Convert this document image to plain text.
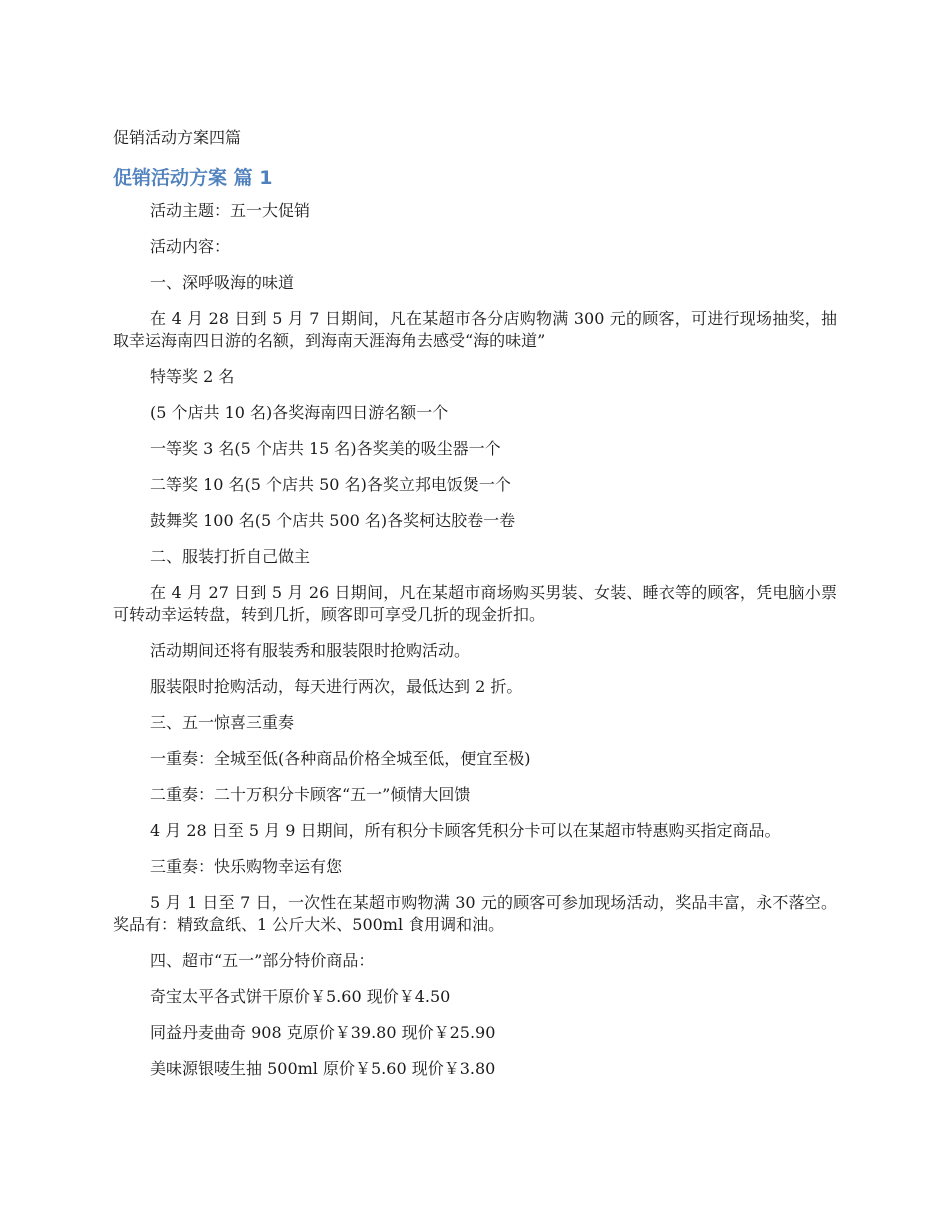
促销活动方案四篇
促销活动方案 篇 1

活动主题：五一大促销

活动内容：

一、深呼吸海的味道

在 4 月 28 日到 5 月 7 日期间，凡在某超市各分店购物满 300 元的顾客，可进行现场抽奖，抽取幸运海南四日游的名额，到海南天涯海角去感受“海的味道”

特等奖 2 名

(5 个店共 10 名)各奖海南四日游名额一个

一等奖 3 名(5 个店共 15 名)各奖美的吸尘器一个

二等奖 10 名(5 个店共 50 名)各奖立邦电饭煲一个

鼓舞奖 100 名(5 个店共 500 名)各奖柯达胶卷一卷

二、服装打折自己做主

在 4 月 27 日到 5 月 26 日期间，凡在某超市商场购买男装、女装、睡衣等的顾客，凭电脑小票可转动幸运转盘，转到几折，顾客即可享受几折的现金折扣。

活动期间还将有服装秀和服装限时抢购活动。

服装限时抢购活动，每天进行两次，最低达到 2 折。

三、五一惊喜三重奏

一重奏：全城至低(各种商品价格全城至低，便宜至极)

二重奏：二十万积分卡顾客“五一”倾情大回馈

4 月 28 日至 5 月 9 日期间，所有积分卡顾客凭积分卡可以在某超市特惠购买指定商品。

三重奏：快乐购物幸运有您

5 月 1 日至 7 日，一次性在某超市购物满 30 元的顾客可参加现场活动，奖品丰富，永不落空。奖品有：精致盒纸、1 公斤大米、500ml 食用调和油。

四、超市“五一”部分特价商品：

奇宝太平各式饼干原价￥5.60 现价￥4.50

同益丹麦曲奇 908 克原价￥39.80 现价￥25.90

美味源银唛生抽 500ml 原价￥5.60 现价￥3.80
